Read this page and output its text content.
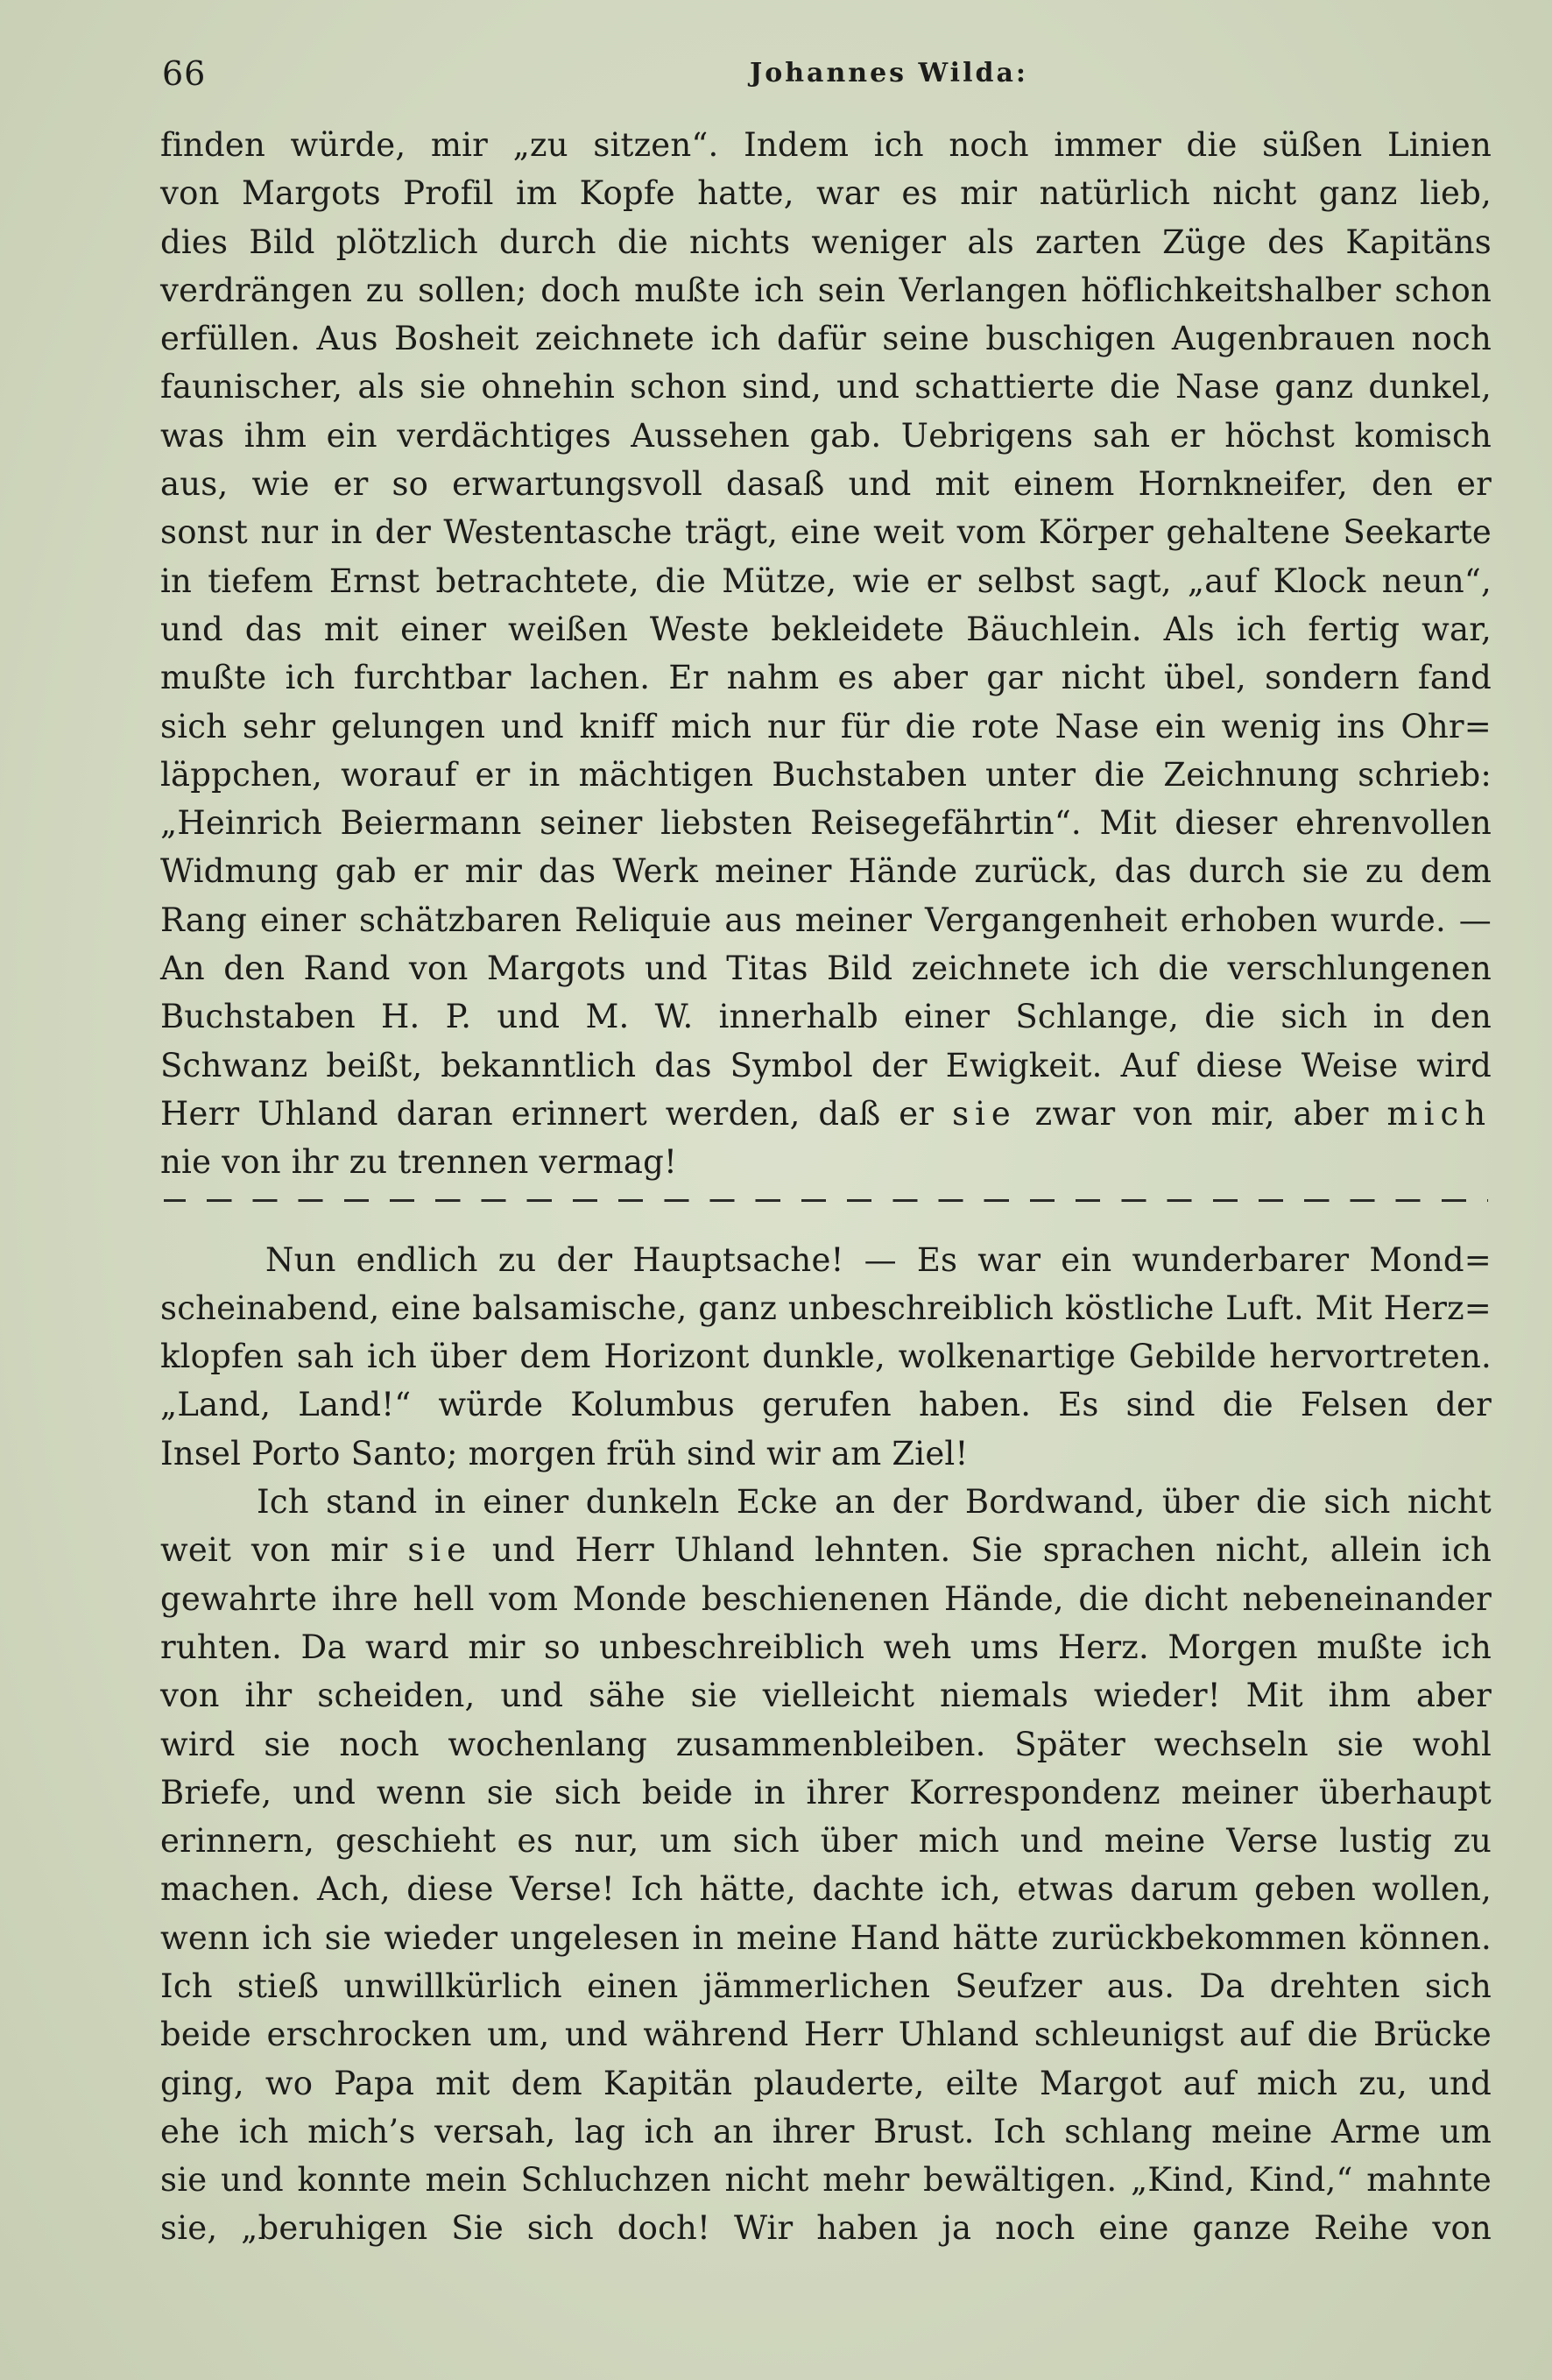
66	Johannes Wilda:
finden würde, mir „zu sitzen“. Indem ich noch immer die süßen Linien
von Margots Profil im Kopfe hatte, war es mir natürlich nicht ganz lieb,
dies Bild plötzlich durch die nichts weniger als zarten Züge des Kapitäns
verdrängen zu sollen; doch mußte ich sein Verlangen höflichkeitshalber schon
erfüllen. Aus Bosheit zeichnete ich dafür seine buschigen Augenbrauen noch
faunischer, als sie ohnehin schon sind, und schattierte die Nase ganz dunkel,
was ihm ein verdächtiges Aussehen gab. Uebrigens sah er höchst komisch
aus, wie er so erwartungsvoll dasaß und mit einem Hornkneifer, den er
sonst nur in der Westentasche trägt, eine weit vom Körper gehaltene Seekarte
in tiefem Ernst betrachtete, die Mütze, wie er selbst sagt, „auf Klock neun“,
und das mit einer weißen Weste bekleidete Bäuchlein. Als ich fertig war,
mußte ich furchtbar lachen. Er nahm es aber gar nicht übel, sondern fand
sich sehr gelungen und kniff mich nur für die rote Nase ein wenig ins Ohr=
läppchen, worauf er in mächtigen Buchstaben unter die Zeichnung schrieb:
„Heinrich Beiermann seiner liebsten Reisegefährtin“. Mit dieser ehrenvollen
Widmung gab er mir das Werk meiner Hände zurück, das durch sie zu dem
Rang einer schätzbaren Reliquie aus meiner Vergangenheit erhoben wurde. —
An den Rand von Margots und Titas Bild zeichnete ich die verschlungenen
Buchstaben H. P. und M. W. innerhalb einer Schlange, die sich in den
Schwanz beißt, bekanntlich das Symbol der Ewigkeit. Auf diese Weise wird
Herr Uhland daran erinnert werden, daß er sie zwar von mir, aber mich
nie von ihr zu trennen vermag!
Nun endlich zu der Hauptsache! — Es war ein wunderbarer Mond=
scheinabend, eine balsamische, ganz unbeschreiblich köstliche Luft. Mit Herz=
klopfen sah ich über dem Horizont dunkle, wolkenartige Gebilde hervortreten.
„Land, Land!“ würde Kolumbus gerufen haben. Es sind die Felsen der
Insel Porto Santo; morgen früh sind wir am Ziel!
Ich stand in einer dunkeln Ecke an der Bordwand, über die sich nicht
weit von mir sie und Herr Uhland lehnten. Sie sprachen nicht, allein ich
gewahrte ihre hell vom Monde beschienenen Hände, die dicht nebeneinander
ruhten. Da ward mir so unbeschreiblich weh ums Herz. Morgen mußte ich
von ihr scheiden, und sähe sie vielleicht niemals wieder! Mit ihm aber
wird sie noch wochenlang zusammenbleiben. Später wechseln sie wohl
Briefe, und wenn sie sich beide in ihrer Korrespondenz meiner überhaupt
erinnern, geschieht es nur, um sich über mich und meine Verse lustig zu
machen. Ach, diese Verse! Ich hätte, dachte ich, etwas darum geben wollen,
wenn ich sie wieder ungelesen in meine Hand hätte zurückbekommen können.
Ich stieß unwillkürlich einen jämmerlichen Seufzer aus. Da drehten sich
beide erschrocken um, und während Herr Uhland schleunigst auf die Brücke
ging, wo Papa mit dem Kapitän plauderte, eilte Margot auf mich zu, und
ehe ich mich’s versah, lag ich an ihrer Brust. Ich schlang meine Arme um
sie und konnte mein Schluchzen nicht mehr bewältigen. „Kind, Kind,“ mahnte
sie, „beruhigen Sie sich doch! Wir haben ja noch eine ganze Reihe von
